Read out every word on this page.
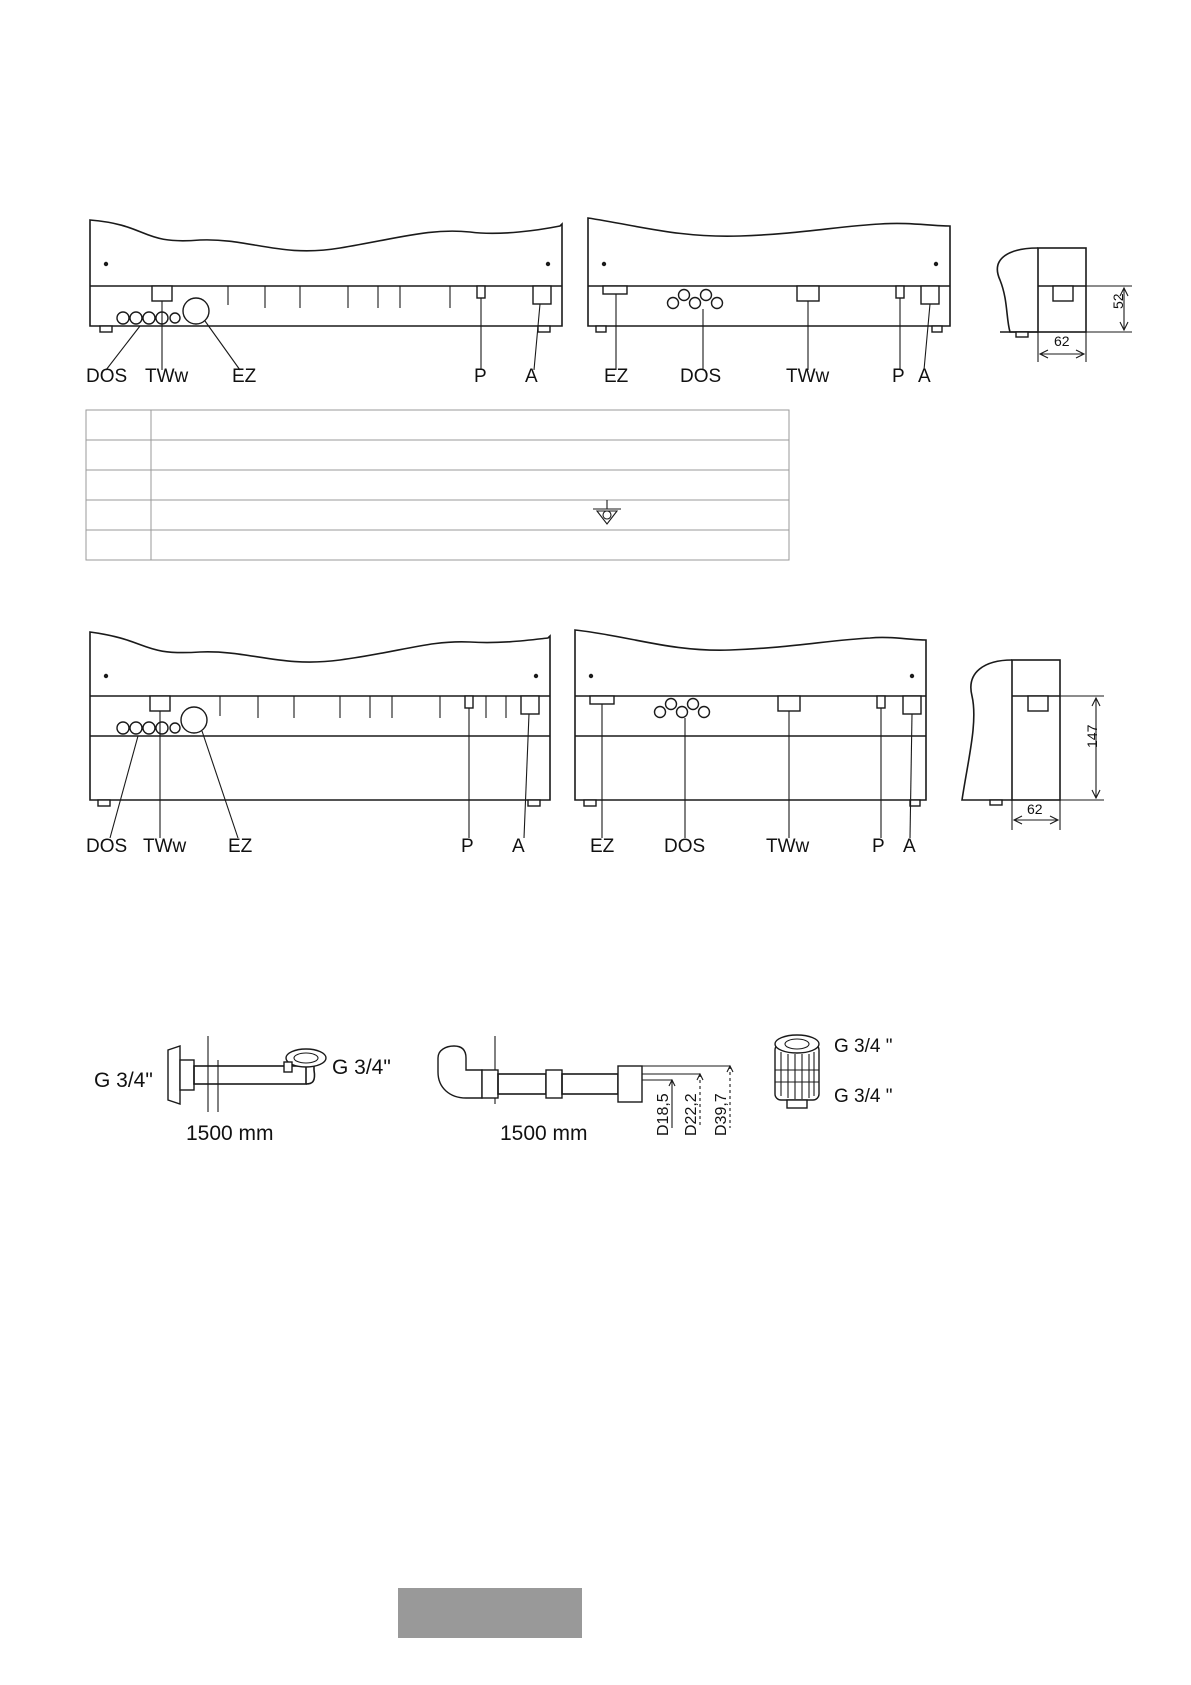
DOS TWw EZ	P A	EZ	DOS	TWw	P A
52
62
DOS TWw EZ	P A	EZ	DOS	TWw	P A
147
62
G 3/4"
G 3/4"
1500 mm	D18,5 D22,2 D39,7
1500 mm
G 3/4 "
G 3/4 "
